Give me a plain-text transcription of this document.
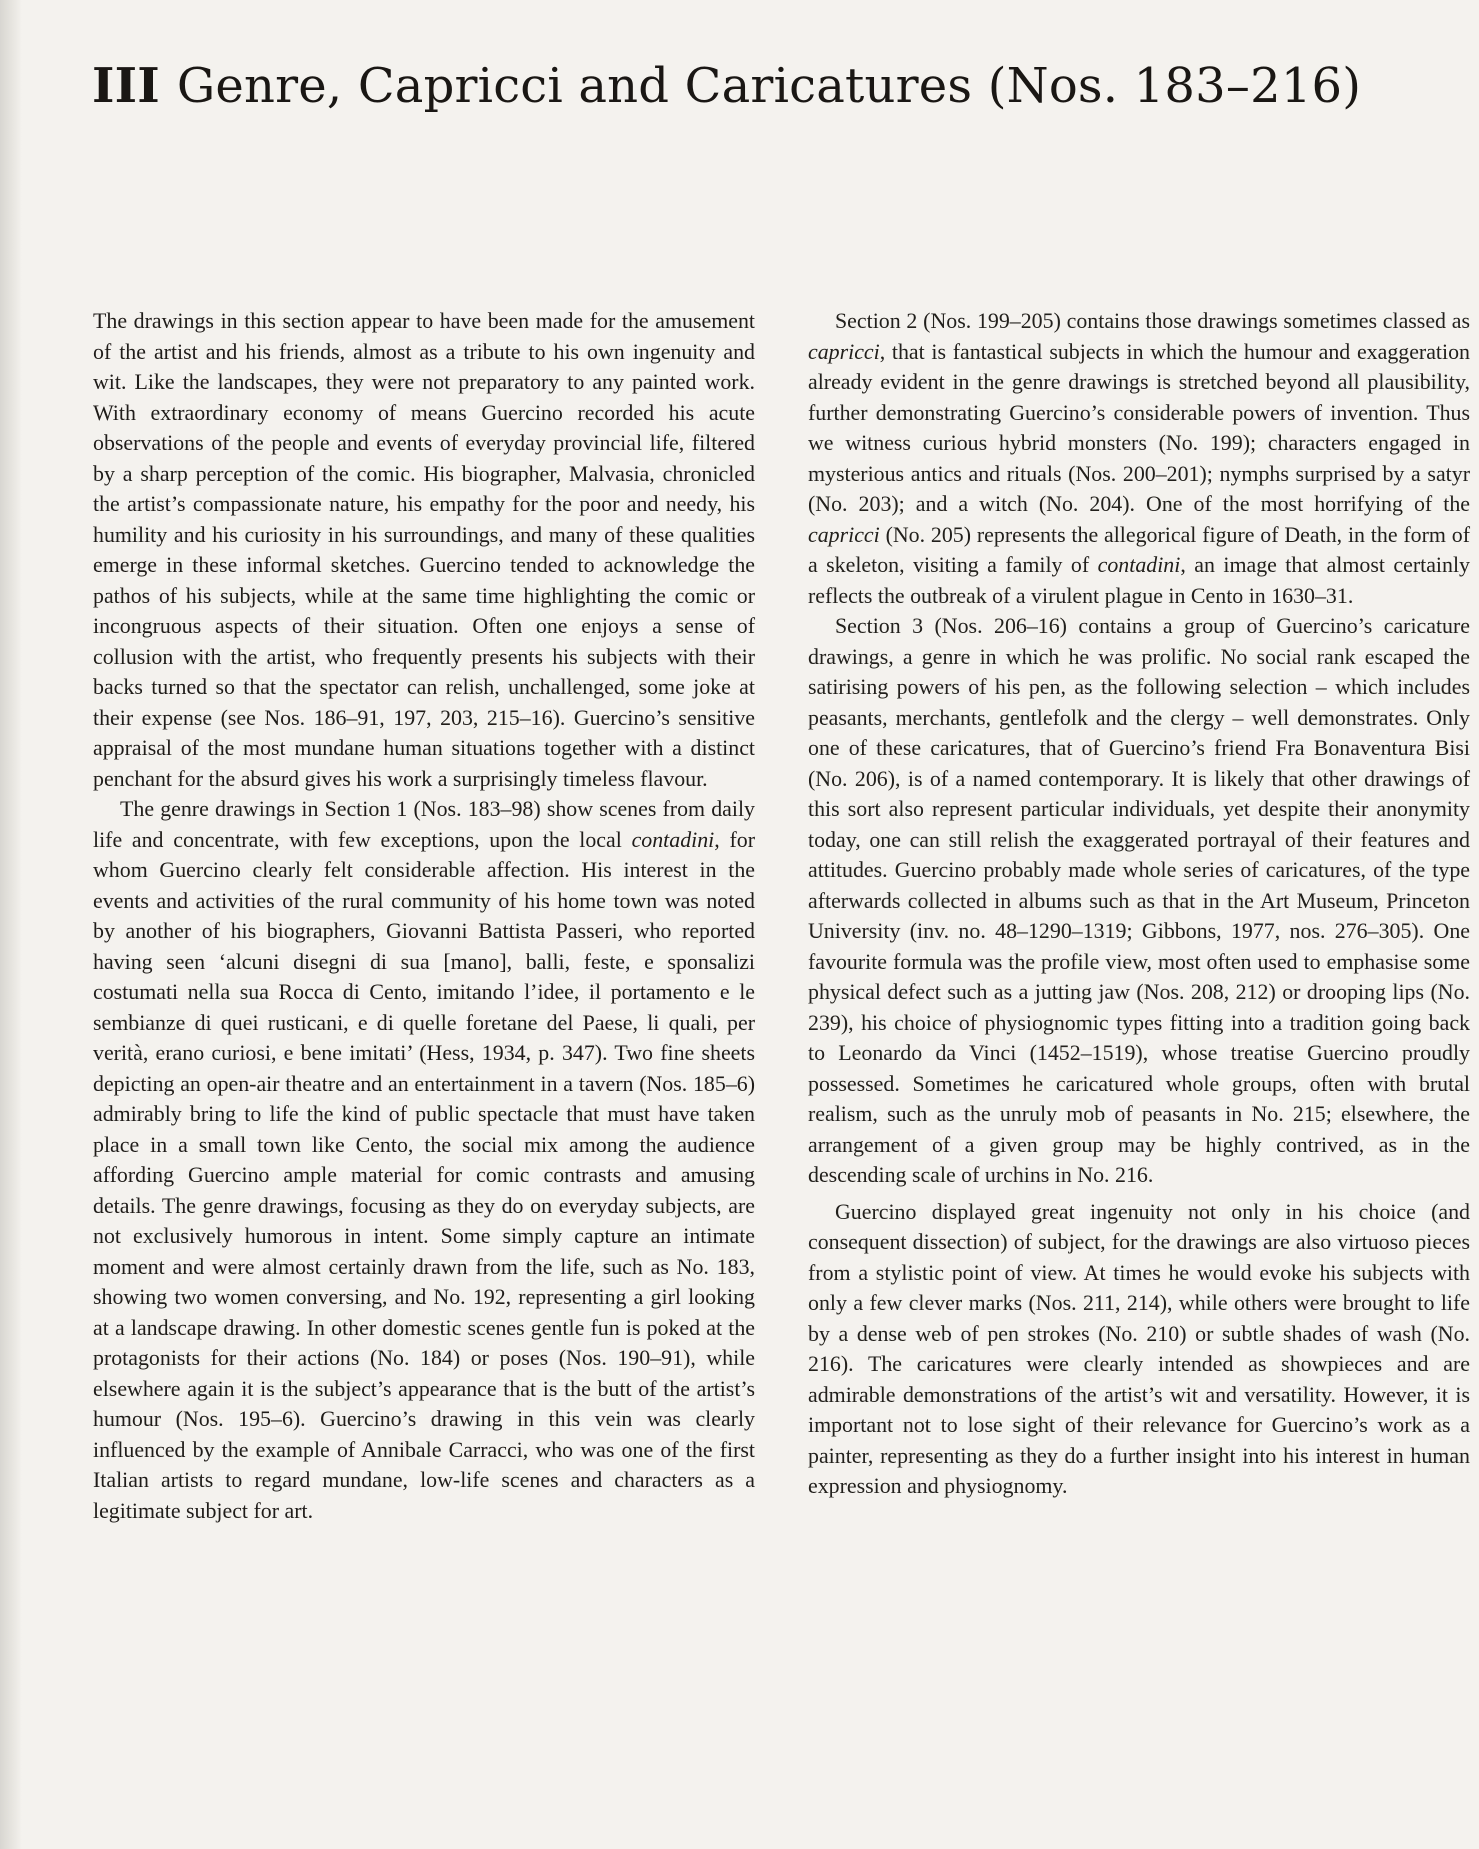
III Genre, Capricci and Caricatures (Nos. 183–216)

The drawings in this section appear to have been made for the amusement of the artist and his friends, almost as a tribute to his own ingenuity and wit. Like the landscapes, they were not preparatory to any painted work. With extraordinary economy of means Guercino recorded his acute observations of the people and events of everyday provincial life, filtered by a sharp perception of the comic. His biographer, Malvasia, chronicled the artist’s compassionate nature, his empathy for the poor and needy, his humility and his curiosity in his surroundings, and many of these qualities emerge in these informal sketches. Guercino tended to acknowledge the pathos of his subjects, while at the same time highlighting the comic or incongruous aspects of their situation. Often one enjoys a sense of collusion with the artist, who frequently presents his subjects with their backs turned so that the spectator can relish, unchallenged, some joke at their expense (see Nos. 186–91, 197, 203, 215–16). Guercino’s sensitive appraisal of the most mundane human situations together with a distinct penchant for the absurd gives his work a surprisingly timeless flavour.

The genre drawings in Section 1 (Nos. 183–98) show scenes from daily life and concentrate, with few exceptions, upon the local contadini, for whom Guercino clearly felt considerable affection. His interest in the events and activities of the rural community of his home town was noted by another of his biographers, Giovanni Battista Passeri, who reported having seen ‘alcuni disegni di sua [mano], balli, feste, e sponsalizi costumati nella sua Rocca di Cento, imitando l’idee, il portamento e le sembianze di quei rusticani, e di quelle foretane del Paese, li quali, per verità, erano curiosi, e bene imitati’ (Hess, 1934, p. 347). Two fine sheets depicting an open-air theatre and an entertainment in a tavern (Nos. 185–6) admirably bring to life the kind of public spectacle that must have taken place in a small town like Cento, the social mix among the audience affording Guercino ample material for comic contrasts and amusing details. The genre drawings, focusing as they do on everyday subjects, are not exclusively humorous in intent. Some simply capture an intimate moment and were almost certainly drawn from the life, such as No. 183, showing two women conversing, and No. 192, representing a girl looking at a landscape drawing. In other domestic scenes gentle fun is poked at the protagonists for their actions (No. 184) or poses (Nos. 190–91), while elsewhere again it is the subject’s appearance that is the butt of the artist’s humour (Nos. 195–6). Guercino’s drawing in this vein was clearly influenced by the example of Annibale Carracci, who was one of the first Italian artists to regard mundane, low-life scenes and characters as a legitimate subject for art.

Section 2 (Nos. 199–205) contains those drawings sometimes classed as capricci, that is fantastical subjects in which the humour and exaggeration already evident in the genre drawings is stretched beyond all plausibility, further demonstrating Guercino’s considerable powers of invention. Thus we witness curious hybrid monsters (No. 199); characters engaged in mysterious antics and rituals (Nos. 200–201); nymphs surprised by a satyr (No. 203); and a witch (No. 204). One of the most horrifying of the capricci (No. 205) represents the allegorical figure of Death, in the form of a skeleton, visiting a family of contadini, an image that almost certainly reflects the outbreak of a virulent plague in Cento in 1630–31.

Section 3 (Nos. 206–16) contains a group of Guercino’s caricature drawings, a genre in which he was prolific. No social rank escaped the satirising powers of his pen, as the following selection – which includes peasants, merchants, gentlefolk and the clergy – well demonstrates. Only one of these caricatures, that of Guercino’s friend Fra Bonaventura Bisi (No. 206), is of a named contemporary. It is likely that other drawings of this sort also represent particular individuals, yet despite their anonymity today, one can still relish the exaggerated portrayal of their features and attitudes. Guercino probably made whole series of caricatures, of the type afterwards collected in albums such as that in the Art Museum, Princeton University (inv. no. 48–1290–1319; Gibbons, 1977, nos. 276–305). One favourite formula was the profile view, most often used to emphasise some physical defect such as a jutting jaw (Nos. 208, 212) or drooping lips (No. 239), his choice of physiognomic types fitting into a tradition going back to Leonardo da Vinci (1452–1519), whose treatise Guercino proudly possessed. Sometimes he caricatured whole groups, often with brutal realism, such as the unruly mob of peasants in No. 215; elsewhere, the arrangement of a given group may be highly contrived, as in the descending scale of urchins in No. 216.

Guercino displayed great ingenuity not only in his choice (and consequent dissection) of subject, for the drawings are also virtuoso pieces from a stylistic point of view. At times he would evoke his subjects with only a few clever marks (Nos. 211, 214), while others were brought to life by a dense web of pen strokes (No. 210) or subtle shades of wash (No. 216). The caricatures were clearly intended as showpieces and are admirable demonstrations of the artist’s wit and versatility. However, it is important not to lose sight of their relevance for Guercino’s work as a painter, representing as they do a further insight into his interest in human expression and physiognomy.
